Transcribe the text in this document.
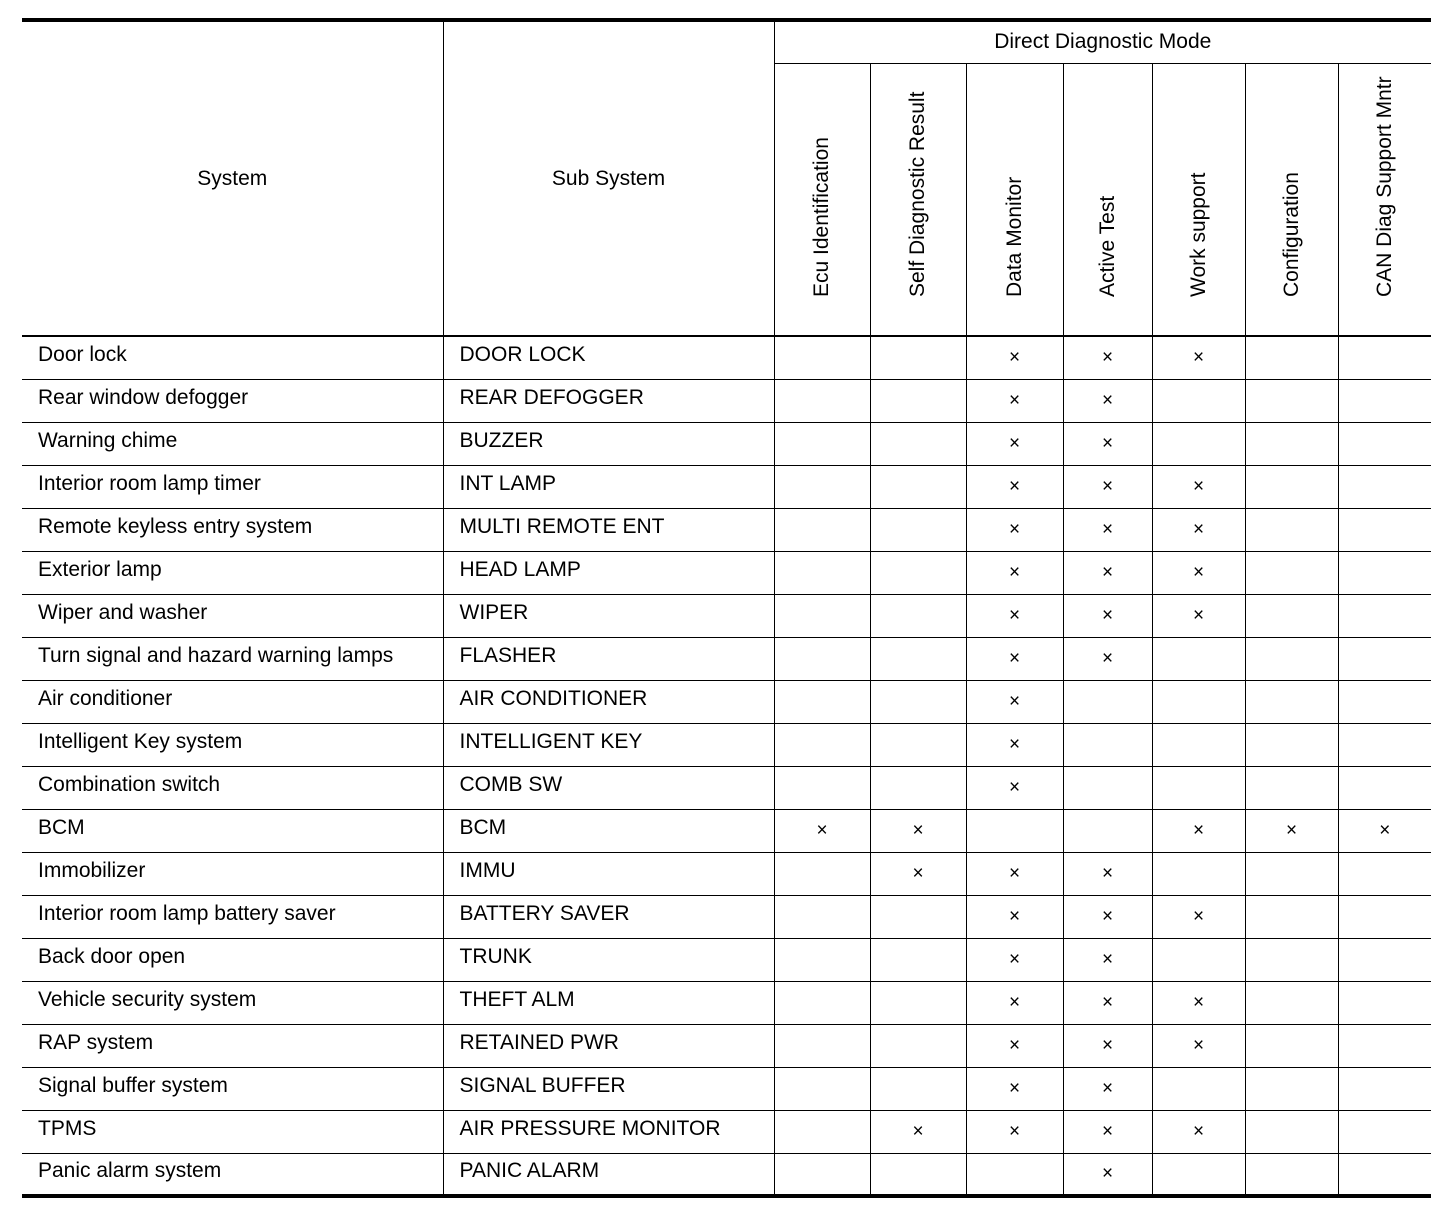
System	Sub System	Direct Diagnostic Mode						

		Ecu Identification	Self Diagnostic Result	Data Monitor	Active Test	Work support	Configuration	CAN Diag Support Mntr

Door lock	DOOR LOCK			×	×	×		
Rear window defogger	REAR DEFOGGER			×	×			
Warning chime	BUZZER			×	×			
Interior room lamp timer	INT LAMP			×	×	×		
Remote keyless entry system	MULTI REMOTE ENT			×	×	×		
Exterior lamp	HEAD LAMP			×	×	×		
Wiper and washer	WIPER			×	×	×		
Turn signal and hazard warning lamps	FLASHER			×	×			
Air conditioner	AIR CONDITIONER			×				
Intelligent Key system	INTELLIGENT KEY			×				
Combination switch	COMB SW			×				
BCM	BCM	×	×			×	×	×
Immobilizer	IMMU		×	×	×			
Interior room lamp battery saver	BATTERY SAVER			×	×	×		
Back door open	TRUNK			×	×			
Vehicle security system	THEFT ALM			×	×	×		
RAP system	RETAINED PWR			×	×	×		
Signal buffer system	SIGNAL BUFFER			×	×			
TPMS	AIR PRESSURE MONITOR		×	×	×	×		
Panic alarm system	PANIC ALARM				×			
